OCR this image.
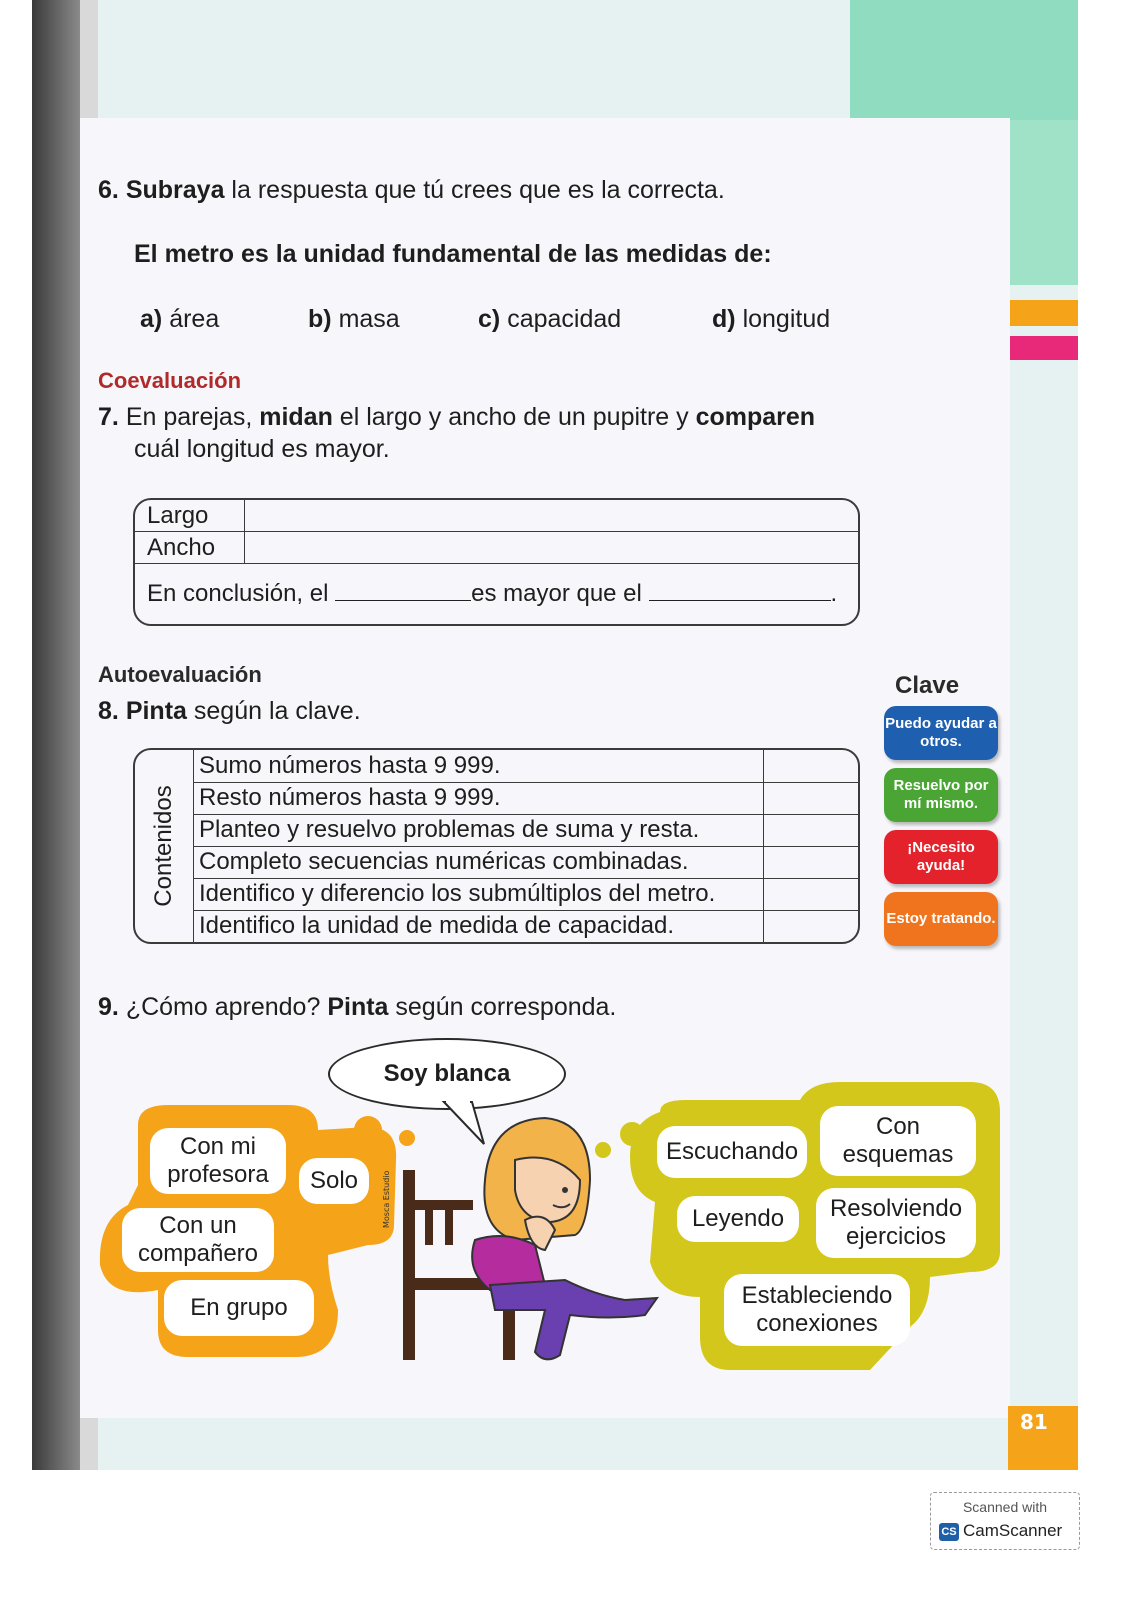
6. Subraya la respuesta que tú crees que es la correcta.
El metro es la unidad fundamental de las medidas de:
a) área	b) masa	c) capacidad	d) longitud
Coevaluación
7. En parejas, midan el largo y ancho de un pupitre y comparen
cuál longitud es mayor.
Largo
Ancho
En conclusión, el	es mayor que el	.
Autoevaluación
8. Pinta según la clave.
Contenidos
Sumo números hasta 9 999.
Resto números hasta 9 999.
Planteo y resuelvo problemas de suma y resta.
Completo secuencias numéricas combinadas.
Identifico y diferencio los submúltiplos del metro.
Identifico la unidad de medida de capacidad.
Clave
Puedo ayudar a otros.
Resuelvo por mí mismo.
¡Necesito ayuda!
Estoy tratando.
9. ¿Cómo aprendo? Pinta según corresponda.
Con mi profesora	Solo
Con un compañero
En grupo
Escuchando
Con esquemas
Leyendo	Resolviendo ejercicios
Estableciendo conexiones
Soy blanca
Mosca Estudio
81
Scanned with
CS CamScanner
